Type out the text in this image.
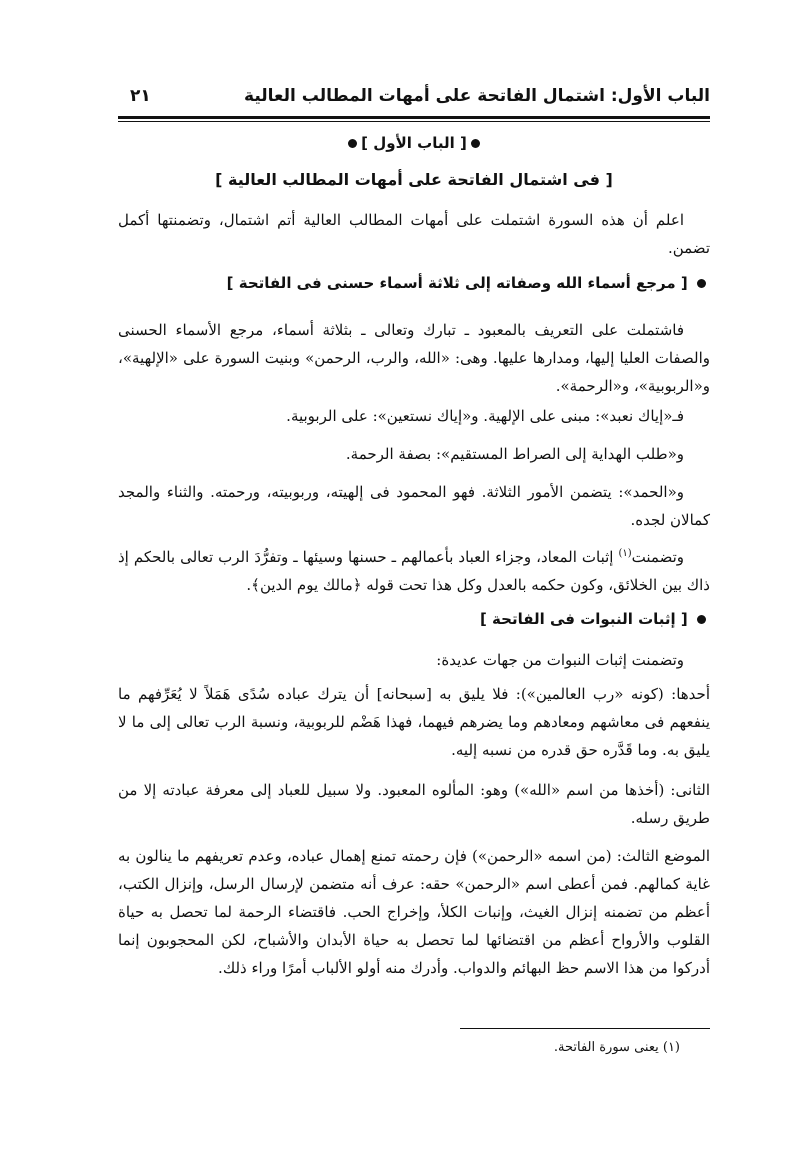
الباب الأول: اشتمال الفاتحة على أمهات المطالب العالية
٢١
[ الباب الأول ]
[ فى اشتمال الفاتحة على أمهات المطالب العالية ]
اعلم أن هذه السورة اشتملت على أمهات المطالب العالية أتم اشتمال، وتضمنتها أكمل تضمن.
[ مرجع أسماء الله وصفاته إلى ثلاثة أسماء حسنى فى الفاتحة ]
فاشتملت على التعريف بالمعبود ـ تبارك وتعالى ـ بثلاثة أسماء، مرجع الأسماء الحسنى والصفات العليا إليها، ومدارها عليها. وهى: «الله، والرب، الرحمن» وبنيت السورة على «الإلهية»، و«الربوبية»، و«الرحمة».
فـ«إياك نعبد»: مبنى على الإلهية. و«إياك نستعين»: على الربوبية.
و«طلب الهداية إلى الصراط المستقيم»: بصفة الرحمة.
و«الحمد»: يتضمن الأمور الثلاثة. فهو المحمود فى إلهيته، وربوبيته، ورحمته. والثناء والمجد كمالان لجده.
وتضمنت$^{(١)}$ إثبات المعاد، وجزاء العباد بأعمالهم ـ حسنها وسيئها ـ وتفرُّدَ الرب تعالى بالحكم إذ ذاك بين الخلائق، وكون حكمه بالعدل وكل هذا تحت قوله ﴿مالك يوم الدين﴾.
[ إثبات النبوات فى الفاتحة ]
وتضمنت إثبات النبوات من جهات عديدة:
أحدها: (كونه «رب العالمين»): فلا يليق به [سبحانه] أن يترك عباده سُدًى هَمَلاً لا يُعَرِّفهم ما ينفعهم فى معاشهم ومعادهم وما يضرهم فيهما، فهذا هَضْم للربوبية، ونسبة الرب تعالى إلى ما لا يليق به. وما قَدَّره حق قدره من نسبه إليه.
الثانى: (أخذها من اسم «الله») وهو: المألوه المعبود. ولا سبيل للعباد إلى معرفة عبادته إلا من طريق رسله.
الموضع الثالث: (من اسمه «الرحمن») فإن رحمته تمنع إهمال عباده، وعدم تعريفهم ما ينالون به غاية كمالهم. فمن أعطى اسم «الرحمن» حقه: عرف أنه متضمن لإرسال الرسل، وإنزال الكتب، أعظم من تضمنه إنزال الغيث، وإنبات الكلأ، وإخراج الحب. فاقتضاء الرحمة لما تحصل به حياة القلوب والأرواح أعظم من اقتضائها لما تحصل به حياة الأبدان والأشباح، لكن المحجوبون إنما أدركوا من هذا الاسم حظ البهائم والدواب. وأدرك منه أولو الألباب أمرًا وراء ذلك.
(١) يعنى سورة الفاتحة.
